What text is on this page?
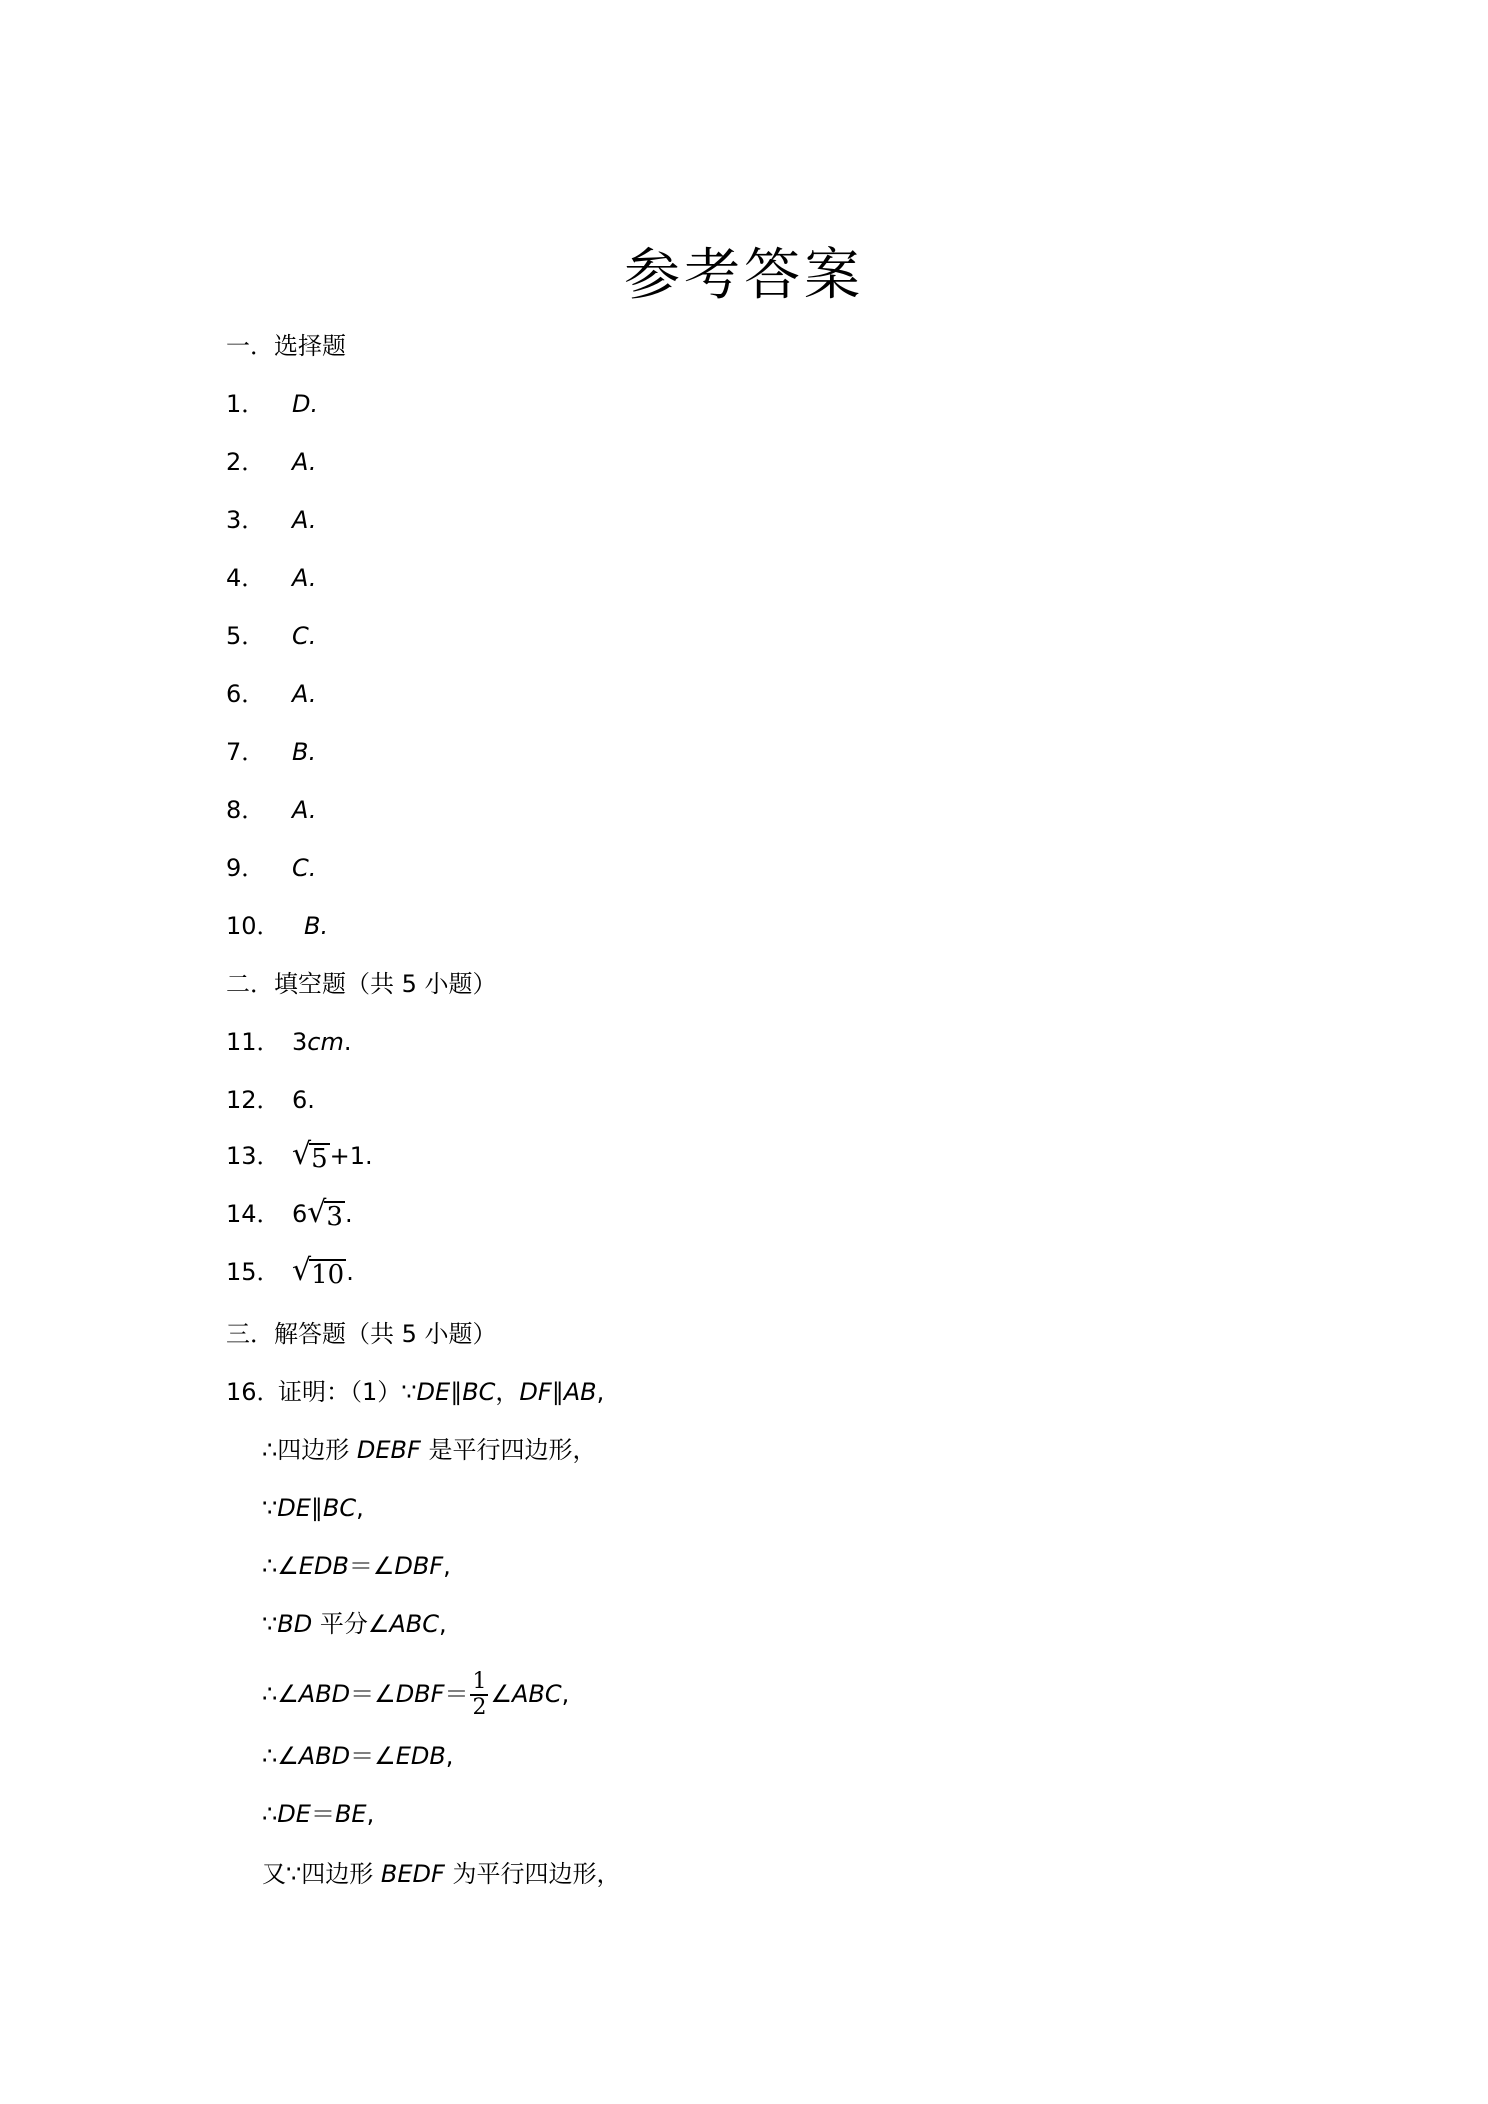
参考答案
一．选择题
1． D.
2． A.
3． A.
4． A.
5． C.
6． A.
7． B.
8． A.
9． C.
10． B.
二．填空题（共 5 小题）
11． 3cm.
12． 6.
13． √ 5 +1.
14． 6 √ 3 .
15． √ 10 .
三．解答题（共 5 小题）
16．证明：（1）∵DE∥BC，DF∥AB,
∴四边形 DEBF 是平行四边形，
∵DE∥BC,
∴∠EDB＝∠DBF,
∵BD 平分∠ABC,
∴∠ABD＝∠DBF＝ $\frac{1}{2}$ ∠ABC,
∴∠ABD＝∠EDB,
∴DE＝BE,
又∵四边形 BEDF 为平行四边形，
